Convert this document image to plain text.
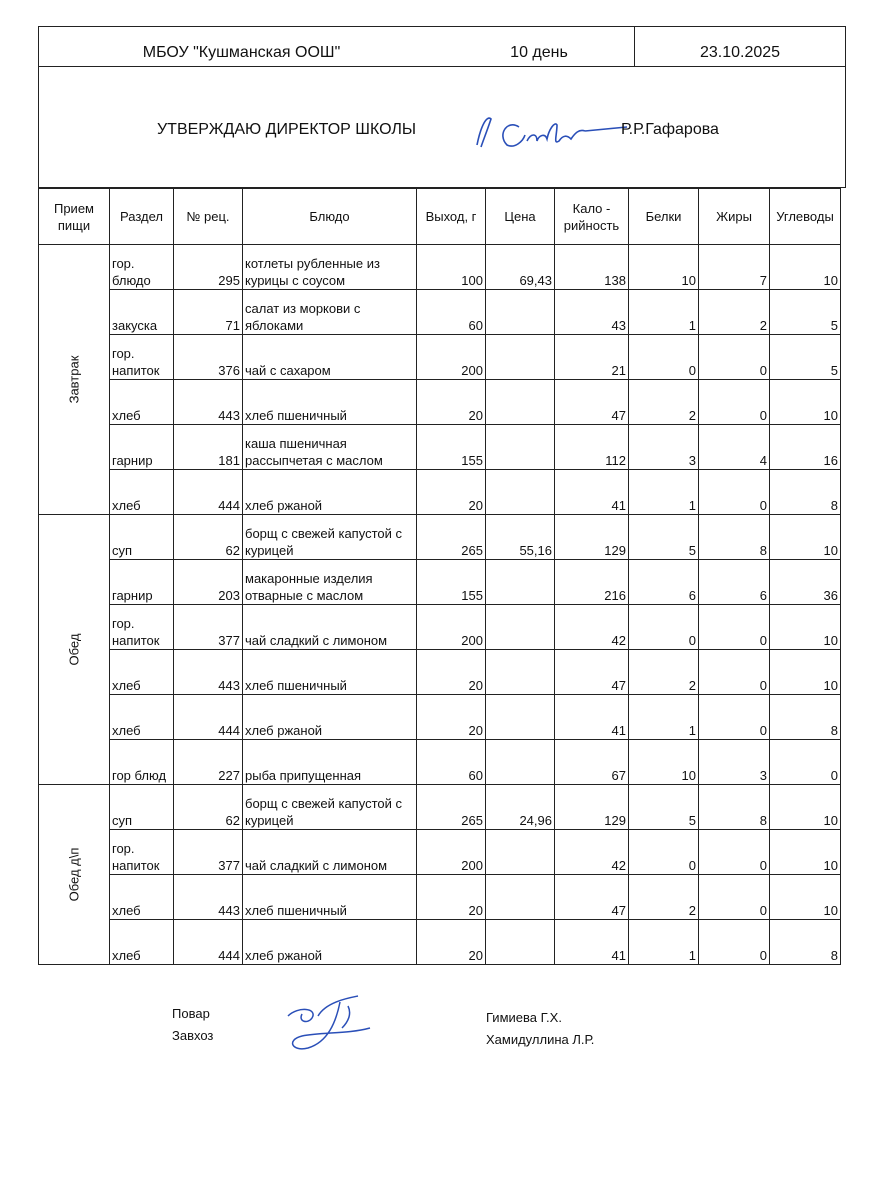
МБОУ "Кушманская ООШ"	10 день	23.10.2025
УТВЕРЖДАЮ ДИРЕКТОР ШКОЛЫ	Р.Р.Гафарова
Прием пищи	Раздел	№ рец.	Блюдо	Выход, г	Цена	Кало - рийность	Белки	Жиры	Углеводы
Завтрак	гор. блюдо	295	котлеты рубленные из курицы с соусом	100	69,43	138	10	7	10
	закуска	71	салат из моркови с яблоками	60		43	1	2	5
	гор. напиток	376	чай с сахаром	200		21	0	0	5
	хлеб	443	хлеб пшеничный	20		47	2	0	10
	гарнир	181	каша пшеничная рассыпчетая с маслом	155		112	3	4	16
	хлеб	444	хлеб ржаной	20		41	1	0	8
Обед	суп	62	борщ с свежей капустой с курицей	265	55,16	129	5	8	10
	гарнир	203	макаронные изделия отварные с маслом	155		216	6	6	36
	гор. напиток	377	чай сладкий с лимоном	200		42	0	0	10
	хлеб	443	хлеб пшеничный	20		47	2	0	10
	хлеб	444	хлеб ржаной	20		41	1	0	8
	гор блюд	227	рыба припущенная	60		67	10	3	0
Обед д\п	суп	62	борщ с свежей капустой с курицей	265	24,96	129	5	8	10
	гор. напиток	377	чай сладкий с лимоном	200		42	0	0	10
	хлеб	443	хлеб пшеничный	20		47	2	0	10
	хлеб	444	хлеб ржаной	20		41	1	0	8
Повар
Завхоз
Гимиева Г.Х.
Хамидуллина Л.Р.
